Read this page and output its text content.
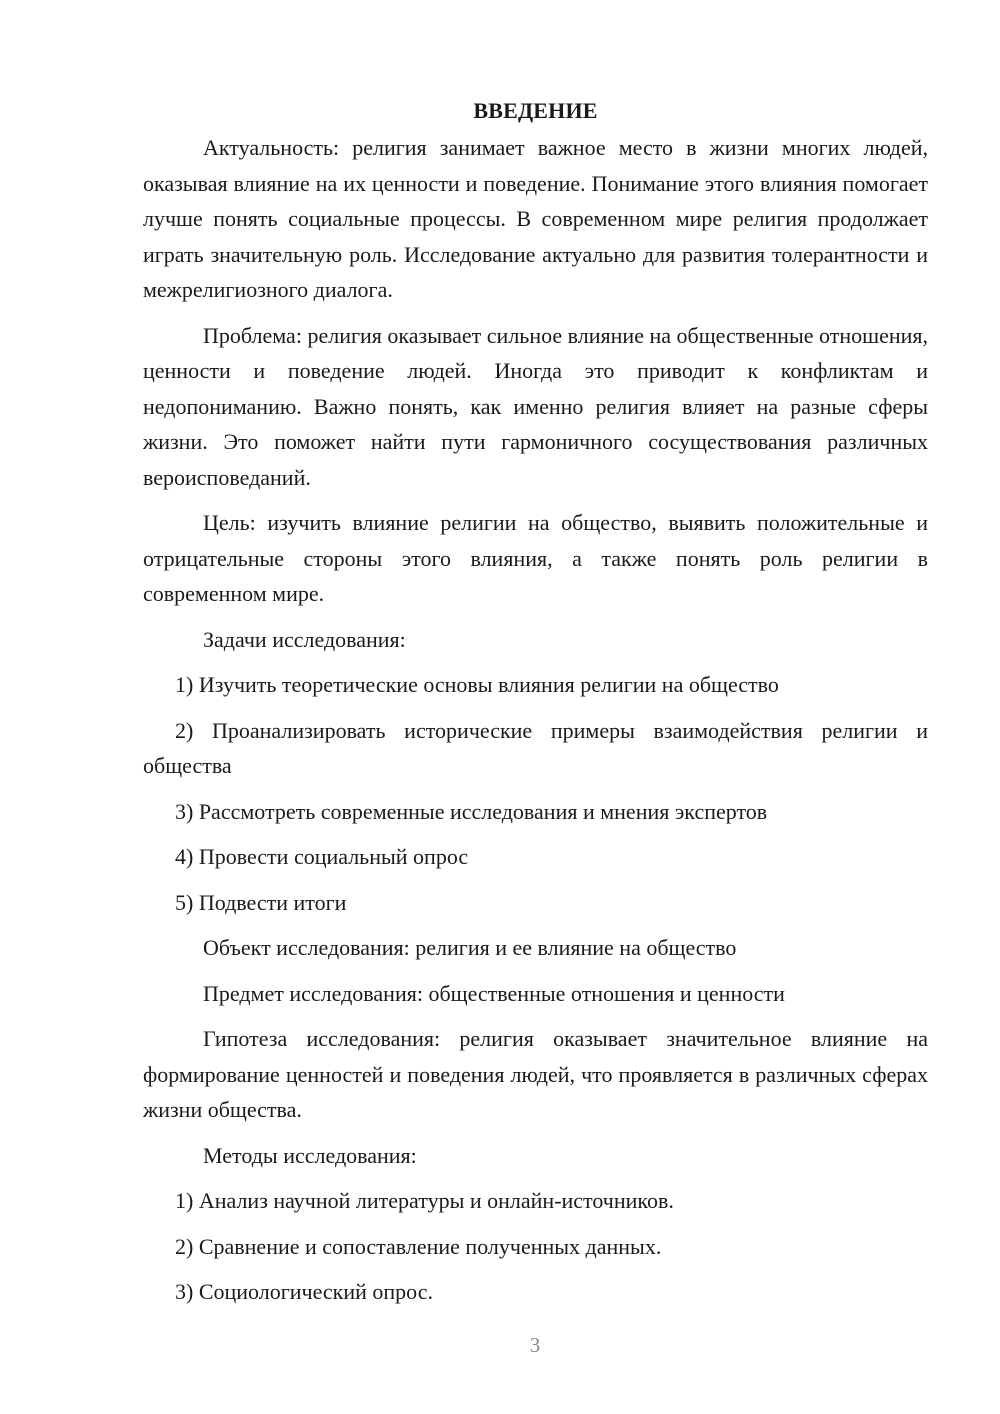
ВВЕДЕНИЕ

Актуальность: религия занимает важное место в жизни многих людей, оказывая влияние на их ценности и поведение. Понимание этого влияния помогает лучше понять социальные процессы. В современном мире религия продолжает играть значительную роль. Исследование актуально для развития толерантности и межрелигиозного диалога.

Проблема: религия оказывает сильное влияние на общественные отношения, ценности и поведение людей. Иногда это приводит к конфликтам и недопониманию. Важно понять, как именно религия влияет на разные сферы жизни. Это поможет найти пути гармоничного сосуществования различных вероисповеданий.

Цель: изучить влияние религии на общество, выявить положительные и отрицательные стороны этого влияния, а также понять роль религии в современном мире.

Задачи исследования:

1) Изучить теоретические основы влияния религии на общество

2) Проанализировать исторические примеры взаимодействия религии и общества

3) Рассмотреть современные исследования и мнения экспертов

4) Провести социальный опрос

5) Подвести итоги

Объект исследования: религия и ее влияние на общество

Предмет исследования: общественные отношения и ценности

Гипотеза исследования: религия оказывает значительное влияние на формирование ценностей и поведения людей, что проявляется в различных сферах жизни общества.

Методы исследования:

1) Анализ научной литературы и онлайн-источников.

2) Сравнение и сопоставление полученных данных.

3) Социологический опрос.

3
